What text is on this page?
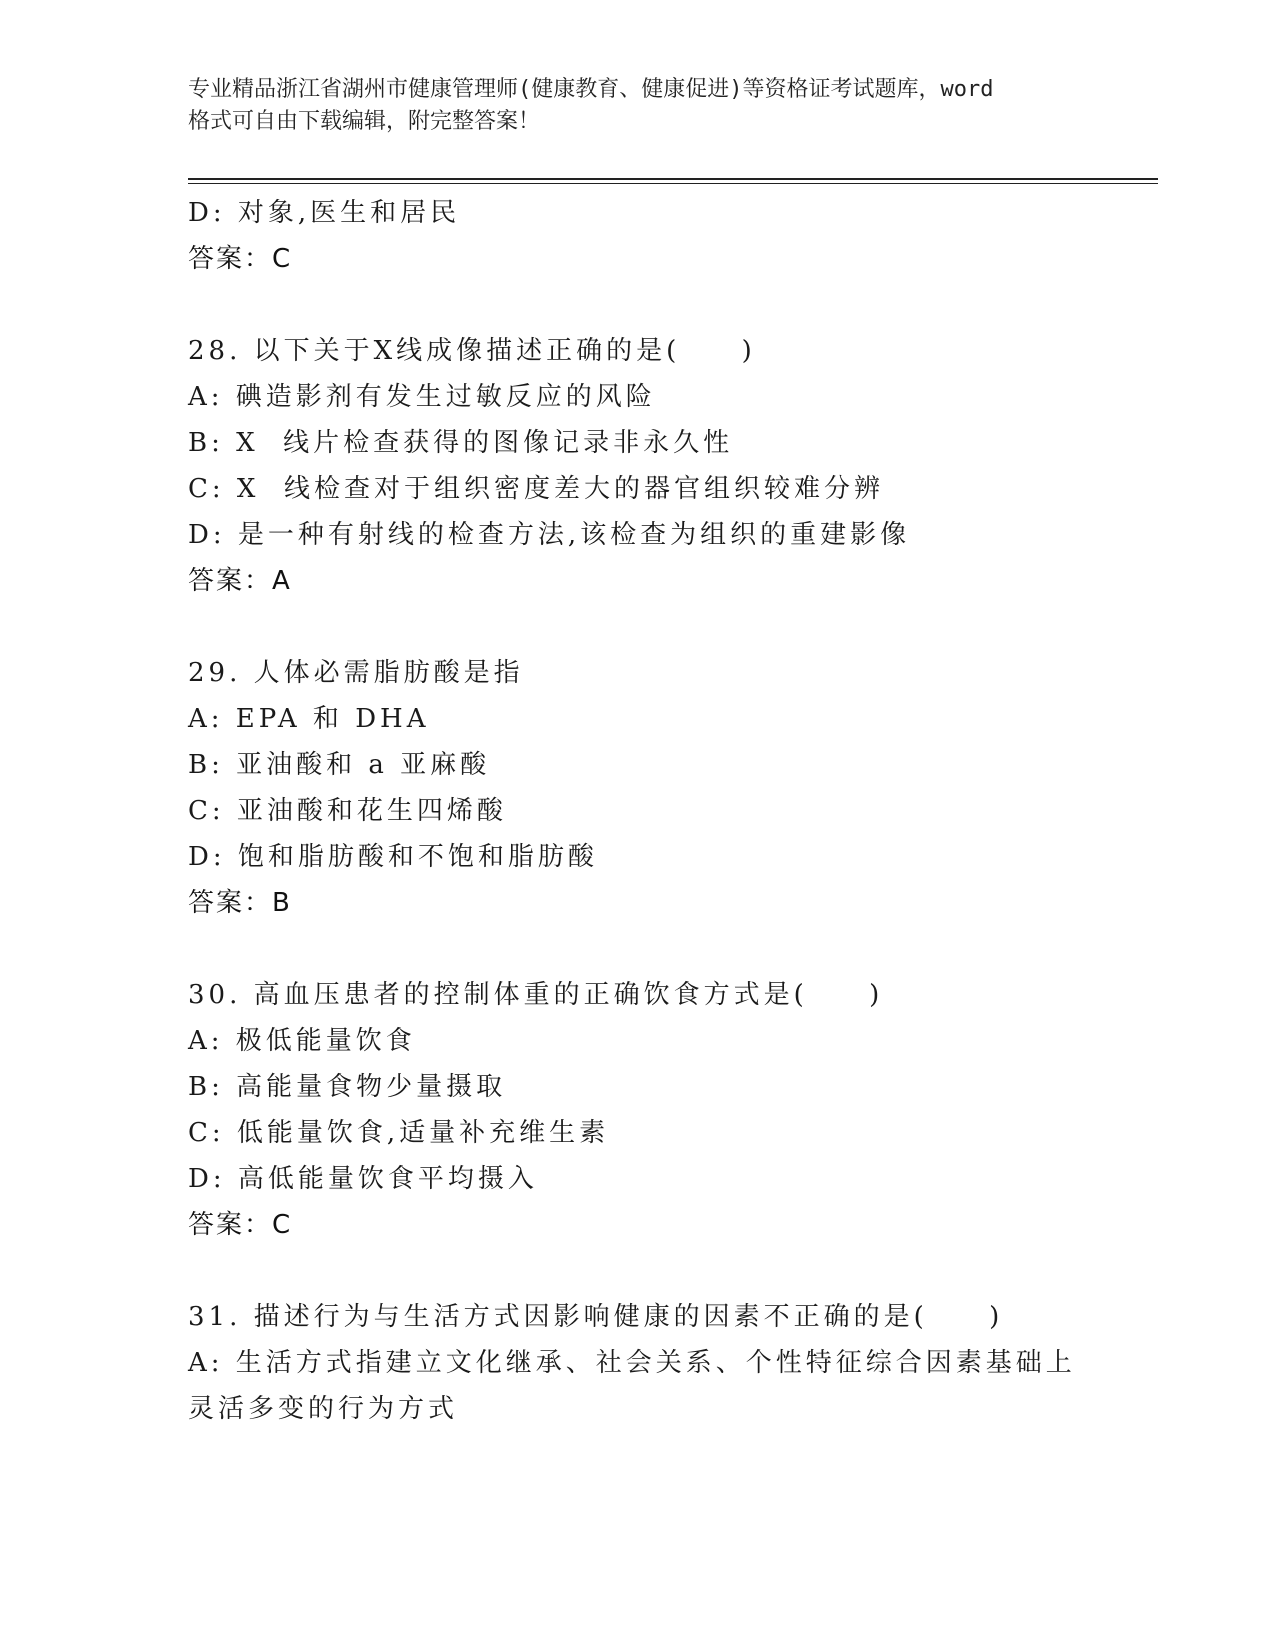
专业精品浙江省湖州市健康管理师(健康教育、健康促进)等资格证考试题库，word
格式可自由下载编辑，附完整答案！
D: 对象,医生和居民
答案：C
28. 以下关于X线成像描述正确的是(     )
A: 碘造影剂有发生过敏反应的风险
B: X  线片检查获得的图像记录非永久性
C: X  线检查对于组织密度差大的器官组织较难分辨
D: 是一种有射线的检查方法,该检查为组织的重建影像
答案：A
29. 人体必需脂肪酸是指
A: EPA 和 DHA
B: 亚油酸和 a 亚麻酸
C: 亚油酸和花生四烯酸
D: 饱和脂肪酸和不饱和脂肪酸
答案：B
30. 高血压患者的控制体重的正确饮食方式是(     )
A: 极低能量饮食
B: 高能量食物少量摄取
C: 低能量饮食,适量补充维生素
D: 高低能量饮食平均摄入
答案：C
31. 描述行为与生活方式因影响健康的因素不正确的是(     )
A: 生活方式指建立文化继承、社会关系、个性特征综合因素基础上灵活多变的行为方式
